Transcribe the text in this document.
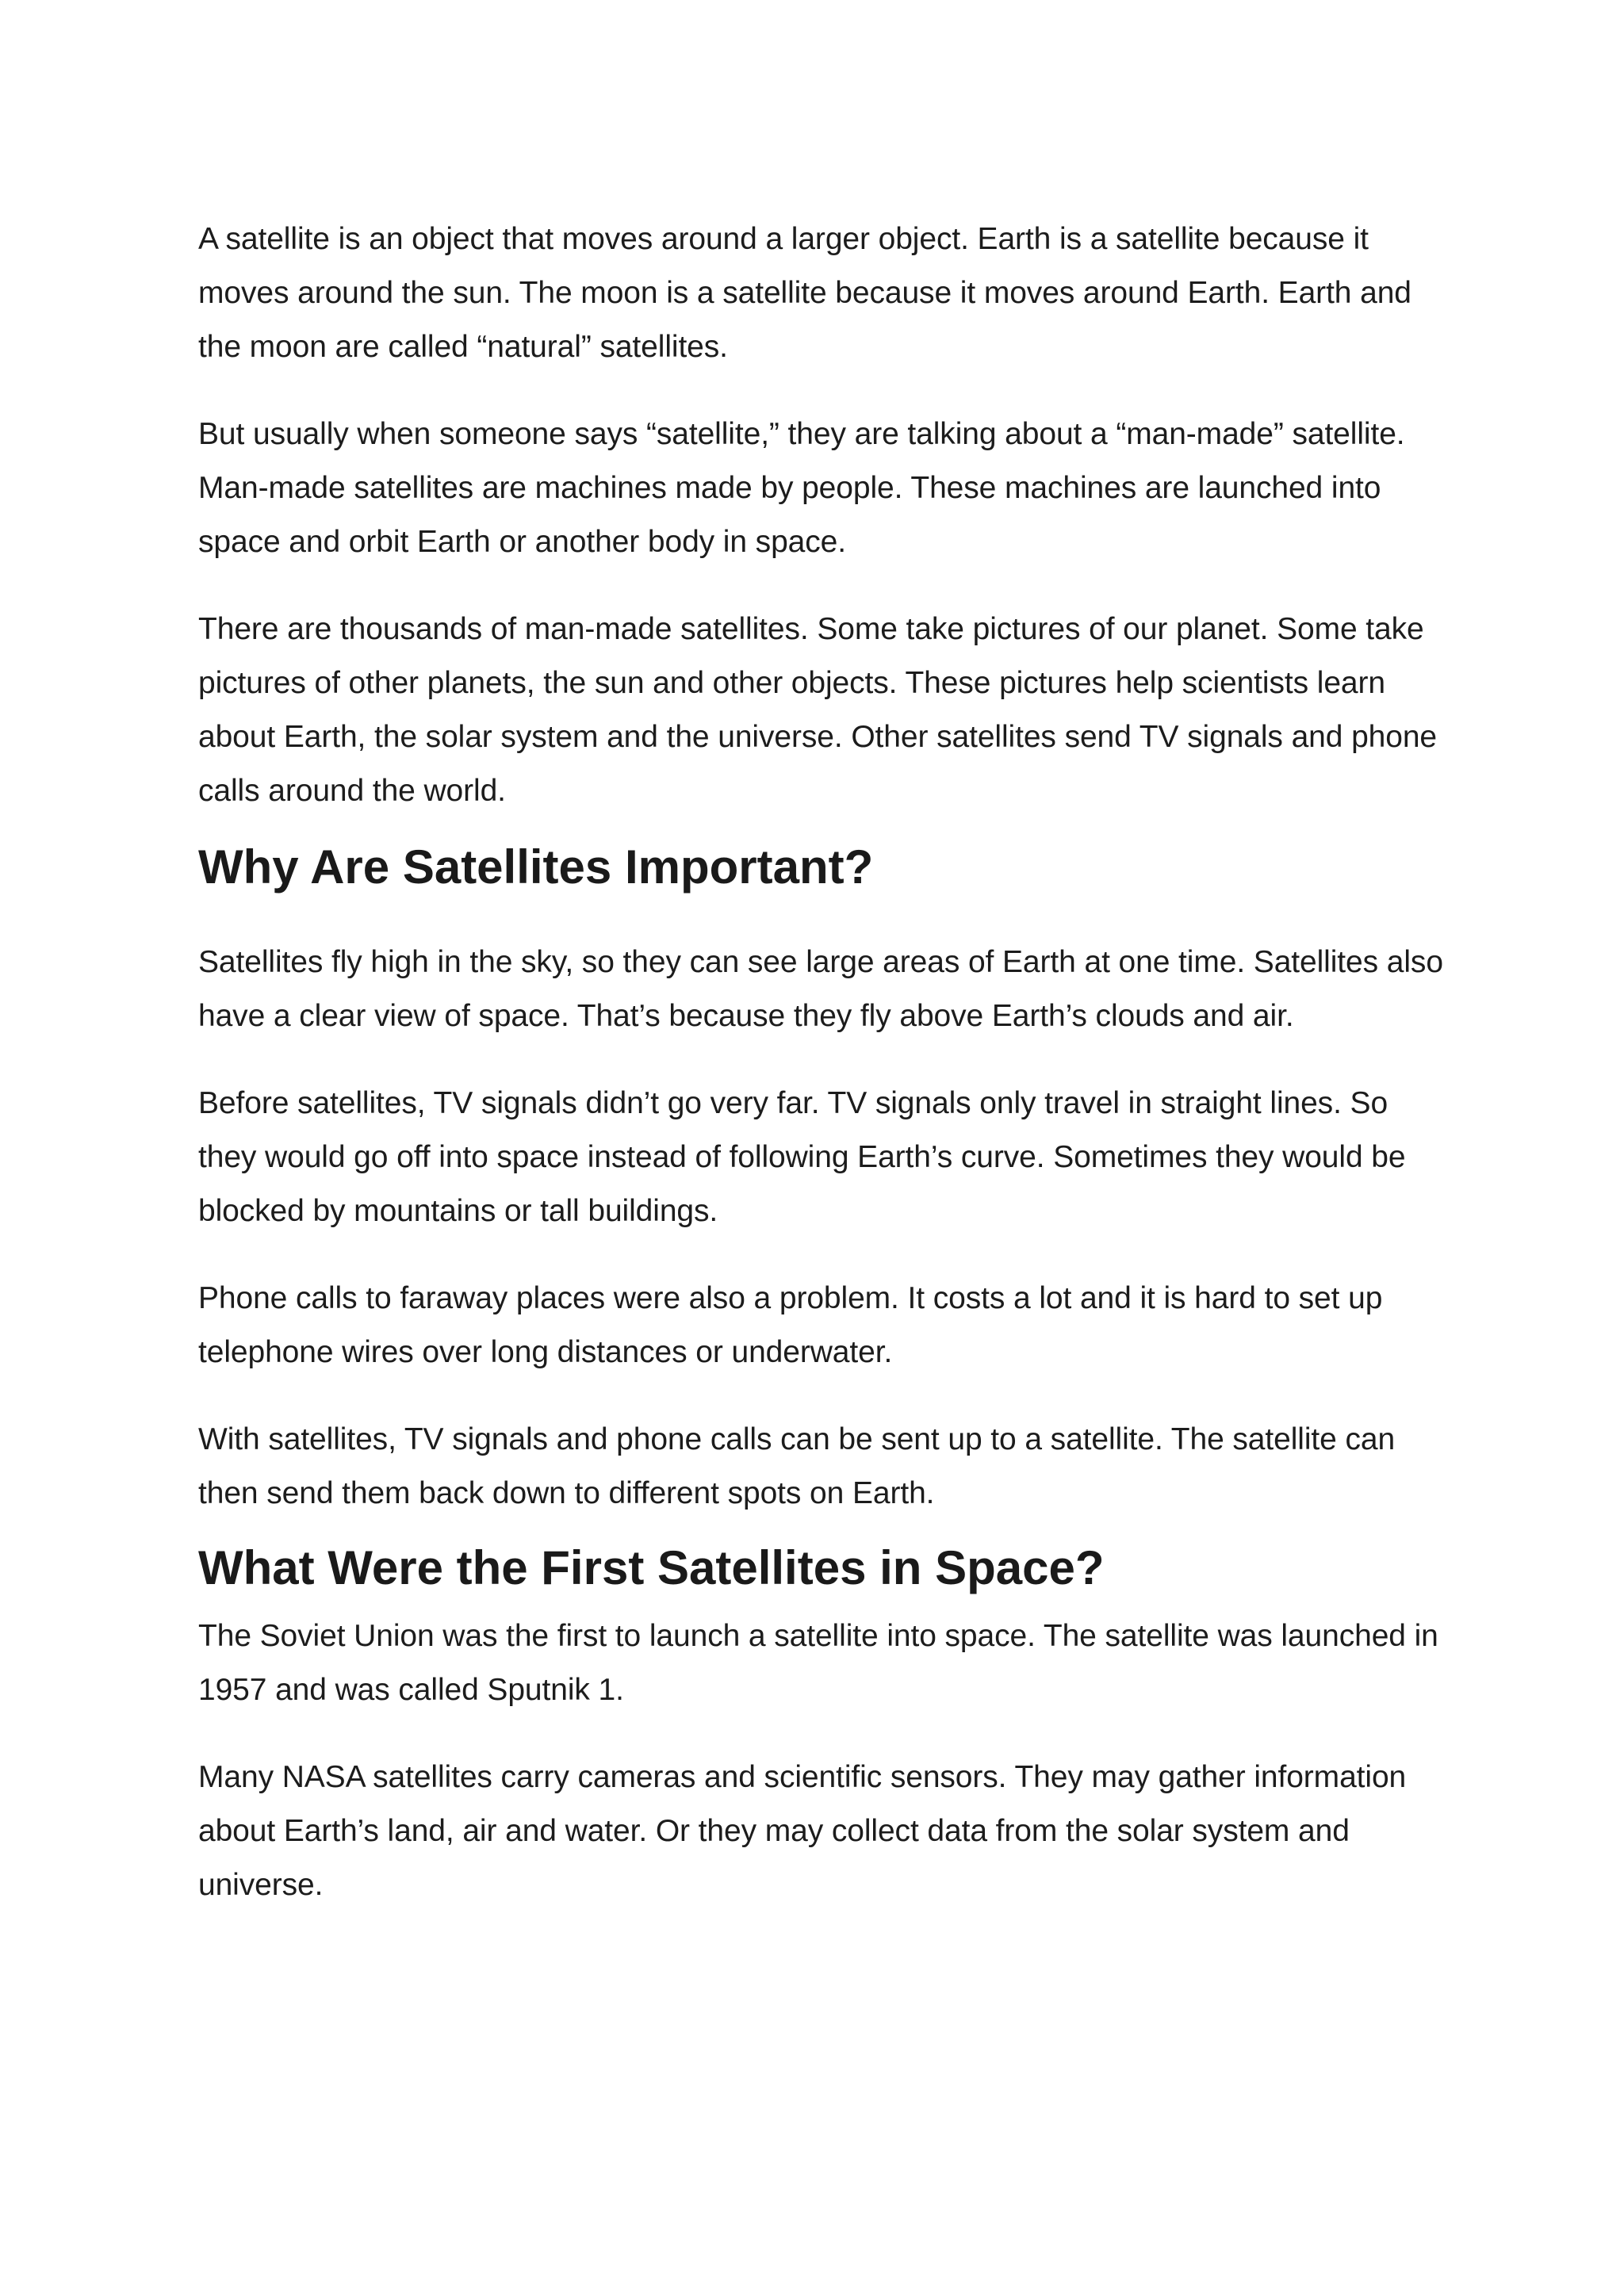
A satellite is an object that moves around a larger object. Earth is a satellite because it moves around the sun. The moon is a satellite because it moves around Earth. Earth and the moon are called “natural” satellites.

But usually when someone says “satellite,” they are talking about a “man-made” satellite. Man-made satellites are machines made by people. These machines are launched into space and orbit Earth or another body in space.

There are thousands of man-made satellites. Some take pictures of our planet. Some take pictures of other planets, the sun and other objects. These pictures help scientists learn about Earth, the solar system and the universe. Other satellites send TV signals and phone calls around the world.

Why Are Satellites Important?

Satellites fly high in the sky, so they can see large areas of Earth at one time. Satellites also have a clear view of space. That’s because they fly above Earth’s clouds and air.

Before satellites, TV signals didn’t go very far. TV signals only travel in straight lines. So they would go off into space instead of following Earth’s curve. Sometimes they would be blocked by mountains or tall buildings.

Phone calls to faraway places were also a problem. It costs a lot and it is hard to set up telephone wires over long distances or underwater.

With satellites, TV signals and phone calls can be sent up to a satellite. The satellite can then send them back down to different spots on Earth.

What Were the First Satellites in Space?

The Soviet Union was the first to launch a satellite into space. The satellite was launched in 1957 and was called Sputnik 1.

Many NASA satellites carry cameras and scientific sensors. They may gather information about Earth’s land, air and water. Or they may collect data from the solar system and universe.
